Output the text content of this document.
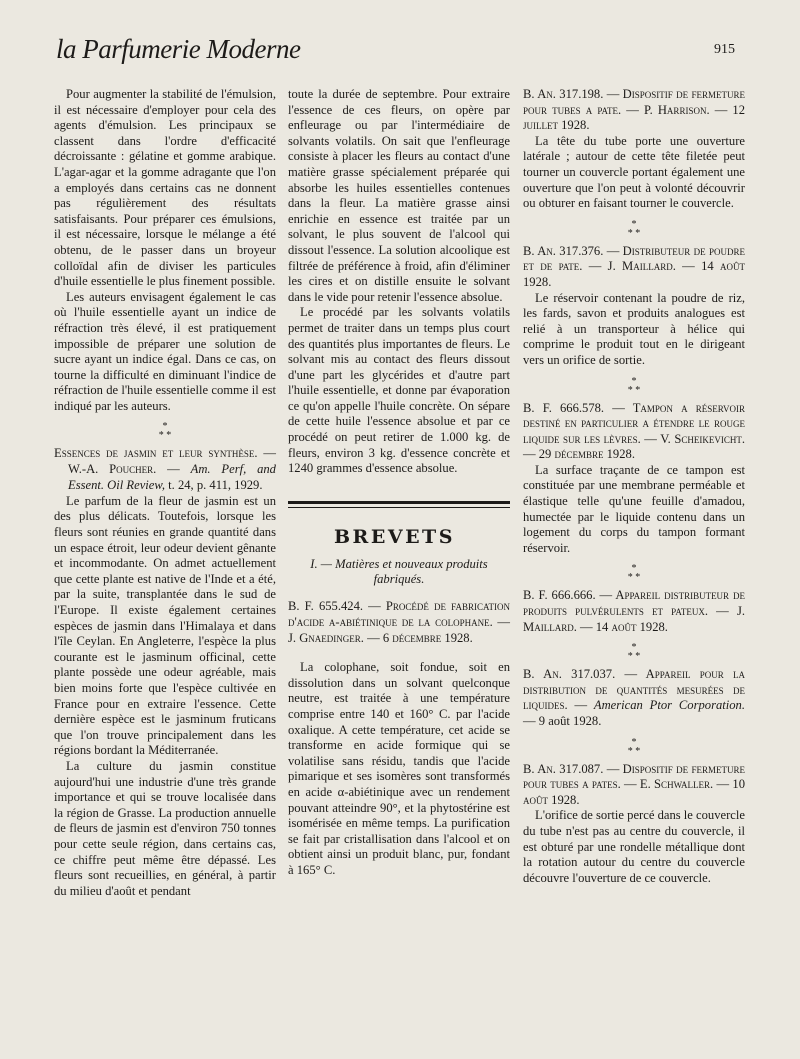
la Parfumerie Moderne	915

Pour augmenter la stabilité de l'émulsion, il est nécessaire d'employer pour cela des agents d'émulsion. Les principaux se classent dans l'ordre d'efficacité décroissante : gélatine et gomme arabique. L'agar-agar et la gomme adragante que l'on a employés dans certains cas ne donnent pas régulièrement des résultats satisfaisants. Pour préparer ces émulsions, il est nécessaire, lorsque le mélange a été obtenu, de le passer dans un broyeur colloïdal afin de diviser les particules d'huile essentielle le plus finement possible.

Les auteurs envisagent également le cas où l'huile essentielle ayant un indice de réfraction très élevé, il est pratiquement impossible de préparer une solution de sucre ayant un indice égal. Dans ce cas, on tourne la difficulté en diminuant l'indice de réfraction de l'huile essentielle comme il est indiqué par les auteurs.

*
* *

Essences de jasmin et leur synthèse. — W.-A. Poucher. — Am. Perf, and Essent. Oil Review, t. 24, p. 411, 1929.

Le parfum de la fleur de jasmin est un des plus délicats. Toutefois, lorsque les fleurs sont réunies en grande quantité dans un espace étroit, leur odeur devient gênante et incommodante. On admet actuellement que cette plante est native de l'Inde et a été, par la suite, transplantée dans le sud de l'Europe. Il existe également certaines espèces de jasmin dans l'Himalaya et dans l'île Ceylan. En Angleterre, l'espèce la plus courante est le jasminum officinal, cette plante possède une odeur agréable, mais bien moins forte que l'espèce cultivée en France pour en extraire l'essence. Cette dernière espèce est le jasminum fruticans que l'on trouve principalement dans les régions bordant la Méditerranée.

La culture du jasmin constitue aujourd'hui une industrie d'une très grande importance et qui se trouve localisée dans la région de Grasse. La production annuelle de fleurs de jasmin est d'environ 750 tonnes pour cette seule région, dans certains cas, ce chiffre peut même être dépassé. Les fleurs sont recueillies, en général, à partir du milieu d'août et pendant

toute la durée de septembre. Pour extraire l'essence de ces fleurs, on opère par enfleurage ou par l'intermédiaire de solvants volatils. On sait que l'enfleurage consiste à placer les fleurs au contact d'une matière grasse spécialement préparée qui absorbe les huiles essentielles contenues dans la fleur. La matière grasse ainsi enrichie en essence est traitée par un solvant, le plus souvent de l'alcool qui dissout l'essence. La solution alcoolique est filtrée de préférence à froid, afin d'éliminer les cires et on distille ensuite le solvant dans le vide pour retenir l'essence absolue.

Le procédé par les solvants volatils permet de traiter dans un temps plus court des quantités plus importantes de fleurs. Le solvant mis au contact des fleurs dissout d'une part les glycérides et d'autre part l'huile essentielle, et donne par évaporation ce qu'on appelle l'huile concrète. On sépare de cette huile l'essence absolue et par ce procédé on peut retirer de 1.000 kg. de fleurs, environ 3 kg. d'essence concrète et 1240 grammes d'essence absolue.

BREVETS
I. — Matières et nouveaux produits fabriqués.

B. F. 655.424. — Procédé de fabrication d'acide α-abiétinique de la colophane. — J. Gnaedinger. — 6 décembre 1928.

La colophane, soit fondue, soit en dissolution dans un solvant quelconque neutre, est traitée à une température comprise entre 140 et 160° C. par l'acide oxalique. A cette température, cet acide se transforme en acide formique qui se volatilise sans résidu, tandis que l'acide pimarique et ses isomères sont transformés en acide α-abiétinique avec un rendement pouvant atteindre 90°, et la phytostérine est isomérisée en même temps. La purification se fait par cristallisation dans l'alcool et on obtient ainsi un produit blanc, pur, fondant à 165° C.

B. An. 317.198. — Dispositif de fermeture pour tubes a pate. — P. Harrison. — 12 juillet 1928.

La tête du tube porte une ouverture latérale ; autour de cette tête filetée peut tourner un couvercle portant également une ouverture que l'on peut à volonté découvrir ou obturer en faisant tourner le couvercle.

*
* *

B. An. 317.376. — Distributeur de poudre et de pate. — J. Maillard. — 14 août 1928.

Le réservoir contenant la poudre de riz, les fards, savon et produits analogues est relié à un transporteur à hélice qui comprime le produit tout en le dirigeant vers un orifice de sortie.

*
* *

B. F. 666.578. — Tampon a réservoir destiné en particulier a étendre le rouge liquide sur les lèvres. — V. Scheikevicht. — 29 décembre 1928.

La surface traçante de ce tampon est constituée par une membrane perméable et élastique telle qu'une feuille d'amadou, humectée par le liquide contenu dans un logement du corps du tampon formant réservoir.

*
* *

B. F. 666.666. — Appareil distributeur de produits pulvérulents et pateux. — J. Maillard. — 14 août 1928.

*
* *

B. An. 317.037. — Appareil pour la distribution de quantités mesurées de liquides. — American Ptor Corporation. — 9 août 1928.

*
* *

B. An. 317.087. — Dispositif de fermeture pour tubes a pates. — E. Schwaller. — 10 août 1928.

L'orifice de sortie percé dans le couvercle du tube n'est pas au centre du couvercle, il est obturé par une rondelle métallique dont la rotation autour du centre du couvercle découvre l'ouverture de ce couvercle.
